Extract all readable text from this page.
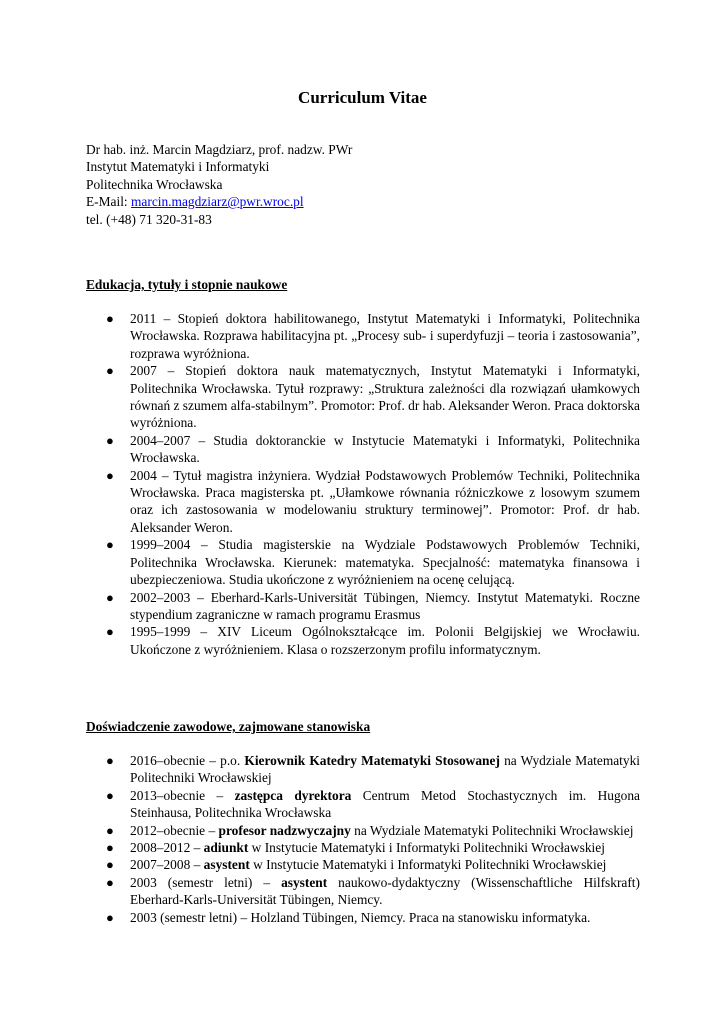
Curriculum Vitae
Dr hab. inż. Marcin Magdziarz, prof. nadzw. PWr
Instytut Matematyki i Informatyki
Politechnika Wrocławska
E-Mail: marcin.magdziarz@pwr.wroc.pl
tel. (+48) 71 320-31-83
Edukacja, tytuły i stopnie naukowe
● 2011 – Stopień doktora habilitowanego, Instytut Matematyki i Informatyki, Politechnika Wrocławska. Rozprawa habilitacyjna pt. „Procesy sub- i superdyfuzji – teoria i zastosowania”, rozprawa wyróżniona.
● 2007 – Stopień doktora nauk matematycznych, Instytut Matematyki i Informatyki, Politechnika Wrocławska. Tytuł rozprawy: „Struktura zależności dla rozwiązań ułamkowych równań z szumem alfa-stabilnym”. Promotor: Prof. dr hab. Aleksander Weron. Praca doktorska wyróżniona.
● 2004–2007 – Studia doktoranckie w Instytucie Matematyki i Informatyki, Politechnika Wrocławska.
● 2004 – Tytuł magistra inżyniera. Wydział Podstawowych Problemów Techniki, Politechnika Wrocławska. Praca magisterska pt. „Ułamkowe równania różniczkowe z losowym szumem oraz ich zastosowania w modelowaniu struktury terminowej”. Promotor: Prof. dr hab. Aleksander Weron.
● 1999–2004 – Studia magisterskie na Wydziale Podstawowych Problemów Techniki, Politechnika Wrocławska. Kierunek: matematyka. Specjalność: matematyka finansowa i ubezpieczeniowa. Studia ukończone z wyróżnieniem na ocenę celującą.
● 2002–2003 – Eberhard-Karls-Universität Tübingen, Niemcy. Instytut Matematyki. Roczne stypendium zagraniczne w ramach programu Erasmus
● 1995–1999 – XIV Liceum Ogólnokształcące im. Polonii Belgijskiej we Wrocławiu. Ukończone z wyróżnieniem. Klasa o rozszerzonym profilu informatycznym.
Doświadczenie zawodowe, zajmowane stanowiska
● 2016–obecnie – p.o. Kierownik Katedry Matematyki Stosowanej na Wydziale Matematyki Politechniki Wrocławskiej
● 2013–obecnie – zastępca dyrektora Centrum Metod Stochastycznych im. Hugona Steinhausa, Politechnika Wrocławska
● 2012–obecnie – profesor nadzwyczajny na Wydziale Matematyki Politechniki Wrocławskiej
● 2008–2012 – adiunkt w Instytucie Matematyki i Informatyki Politechniki Wrocławskiej
● 2007–2008 – asystent w Instytucie Matematyki i Informatyki Politechniki Wrocławskiej
● 2003 (semestr letni) – asystent naukowo-dydaktyczny (Wissenschaftliche Hilfskraft) Eberhard-Karls-Universität Tübingen, Niemcy.
● 2003 (semestr letni) – Holzland Tübingen, Niemcy. Praca na stanowisku informatyka.
